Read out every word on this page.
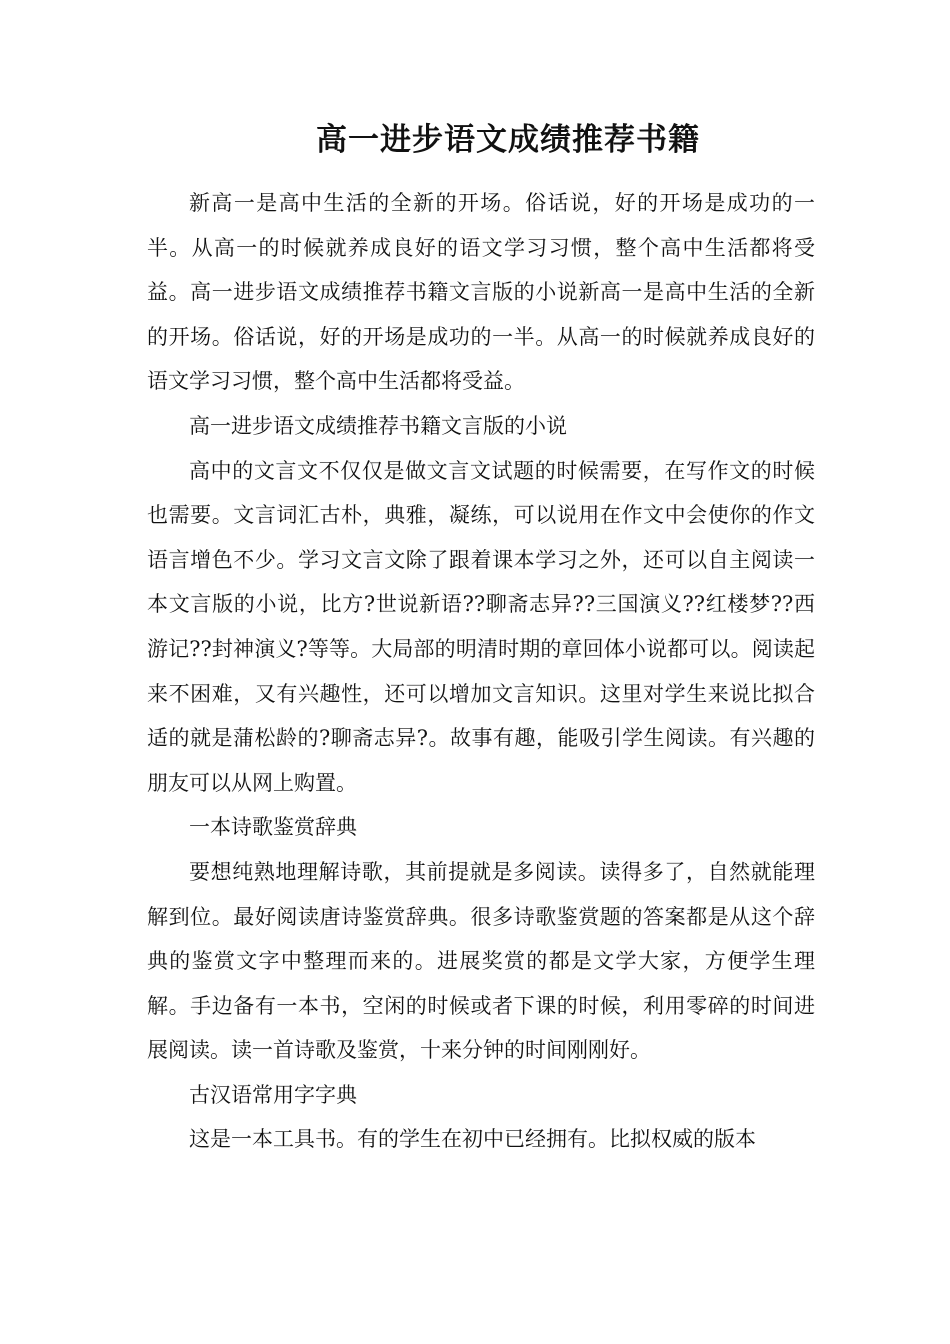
高一进步语文成绩推荐书籍

新高一是高中生活的全新的开场。俗话说，好的开场是成功的一半。从高一的时候就养成良好的语文学习习惯，整个高中生活都将受益。高一进步语文成绩推荐书籍文言版的小说新高一是高中生活的全新的开场。俗话说，好的开场是成功的一半。从高一的时候就养成良好的语文学习习惯，整个高中生活都将受益。

高一进步语文成绩推荐书籍文言版的小说

高中的文言文不仅仅是做文言文试题的时候需要，在写作文的时候也需要。文言词汇古朴，典雅，凝练，可以说用在作文中会使你的作文语言增色不少。学习文言文除了跟着课本学习之外，还可以自主阅读一本文言版的小说，比方?世说新语??聊斋志异??三国演义??红楼梦??西游记??封神演义?等等。大局部的明清时期的章回体小说都可以。阅读起来不困难，又有兴趣性，还可以增加文言知识。这里对学生来说比拟合适的就是蒲松龄的?聊斋志异?。故事有趣，能吸引学生阅读。有兴趣的朋友可以从网上购置。

一本诗歌鉴赏辞典

要想纯熟地理解诗歌，其前提就是多阅读。读得多了，自然就能理解到位。最好阅读唐诗鉴赏辞典。很多诗歌鉴赏题的答案都是从这个辞典的鉴赏文字中整理而来的。进展奖赏的都是文学大家，方便学生理解。手边备有一本书，空闲的时候或者下课的时候，利用零碎的时间进展阅读。读一首诗歌及鉴赏，十来分钟的时间刚刚好。

古汉语常用字字典

这是一本工具书。有的学生在初中已经拥有。比拟权威的版本
